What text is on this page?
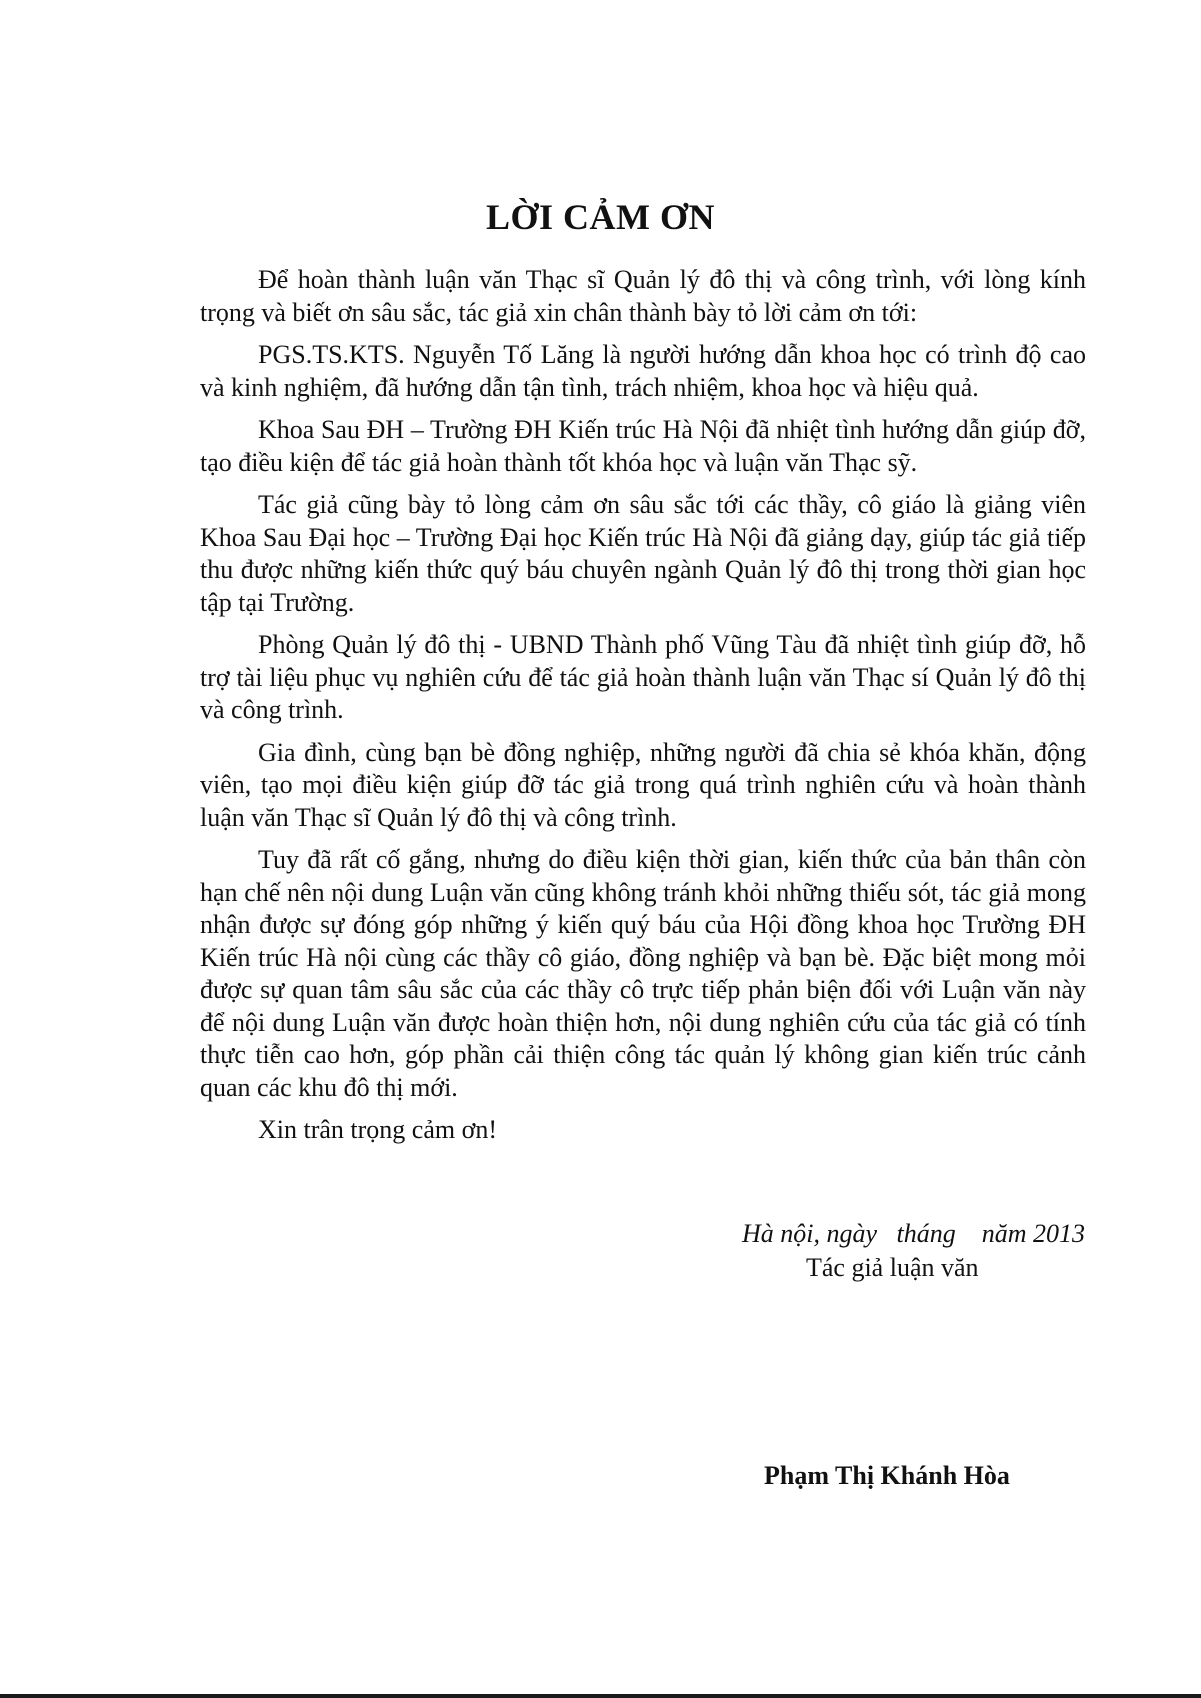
LỜI CẢM ƠN

Để hoàn thành luận văn Thạc sĩ Quản lý đô thị và công trình, với lòng kính trọng và biết ơn sâu sắc, tác giả xin chân thành bày tỏ lời cảm ơn tới:

PGS.TS.KTS. Nguyễn Tố Lăng là người hướng dẫn khoa học có trình độ cao và kinh nghiệm, đã hướng dẫn tận tình, trách nhiệm, khoa học và hiệu quả.

Khoa Sau ĐH – Trường ĐH Kiến trúc Hà Nội đã nhiệt tình hướng dẫn giúp đỡ, tạo điều kiện để tác giả hoàn thành tốt khóa học và luận văn Thạc sỹ.

Tác giả cũng bày tỏ lòng cảm ơn sâu sắc tới các thầy, cô giáo là giảng viên Khoa Sau Đại học – Trường Đại học Kiến trúc Hà Nội đã giảng dạy, giúp tác giả tiếp thu được những kiến thức quý báu chuyên ngành Quản lý đô thị trong thời gian học tập tại Trường.

Phòng Quản lý đô thị - UBND Thành phố Vũng Tàu đã nhiệt tình giúp đỡ, hỗ trợ tài liệu phục vụ nghiên cứu để tác giả hoàn thành luận văn Thạc sí Quản lý đô thị và công trình.

Gia đình, cùng bạn bè đồng nghiệp, những người đã chia sẻ khóa khăn, động viên, tạo mọi điều kiện giúp đỡ tác giả trong quá trình nghiên cứu và hoàn thành luận văn Thạc sĩ Quản lý đô thị và công trình.

Tuy đã rất cố gắng, nhưng do điều kiện thời gian, kiến thức của bản thân còn hạn chế nên nội dung Luận văn cũng không tránh khỏi những thiếu sót, tác giả mong nhận được sự đóng góp những ý kiến quý báu của Hội đồng khoa học Trường ĐH Kiến trúc Hà nội cùng các thầy cô giáo, đồng nghiệp và bạn bè. Đặc biệt mong mỏi được sự quan tâm sâu sắc của các thầy cô trực tiếp phản biện đối với Luận văn này để nội dung Luận văn được hoàn thiện hơn, nội dung nghiên cứu của tác giả có tính thực tiễn cao hơn, góp phần cải thiện công tác quản lý không gian kiến trúc cảnh quan các khu đô thị mới.

Xin trân trọng cảm ơn!

Hà nội, ngày   tháng    năm 2013
Tác giả luận văn
Phạm Thị Khánh Hòa
